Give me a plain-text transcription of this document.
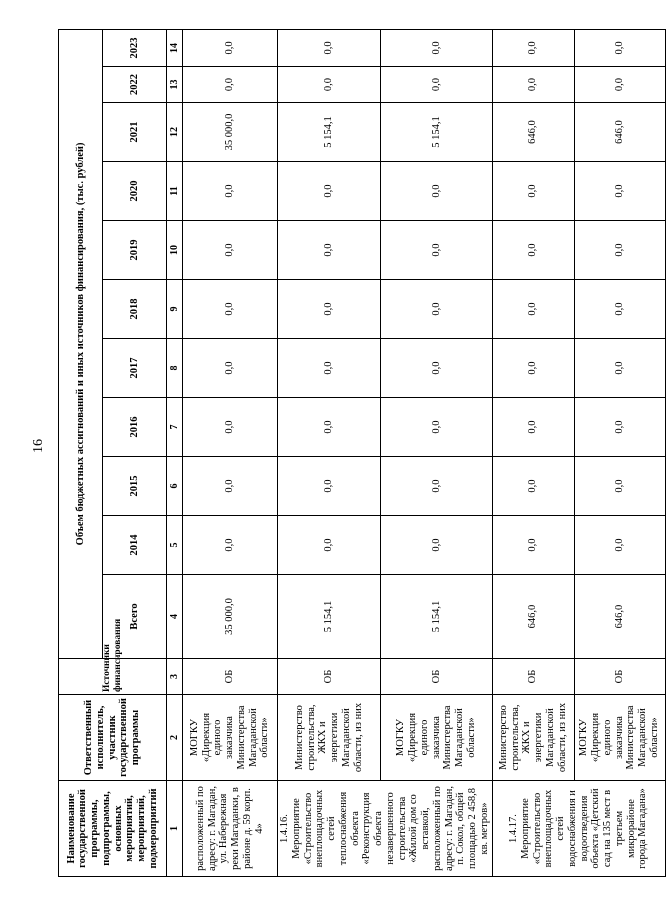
16
Наименование государственной программы, подпрограммы, основных мероприятий, мероприятий, подмероприятий	Ответственный исполнитель, участник государственной программы	Источники финансирования	Объем бюджетных ассигнований и иных источников финансирования, (тыс. рублей)										
			Всего	2014	2015	2016	2017	2018	2019	2020	2021	2022	2023
1	2	3	4	5	6	7	8	9	10	11	12	13	14
расположенный по адресу: г. Магадан, ул. Набережная реки Магаданки, в районе д. 59 корп. 4»	МОГКУ «Дирекция единого заказчика Министерства Магаданской области»	ОБ	35 000,0	0,0	0,0	0,0	0,0	0,0	0,0	0,0	35 000,0	0,0	0,0
1.4.16. Мероприятие «Строительство внеплощадочных сетей теплоснабжения объекта «Реконструкция объекта незавершенного строительства «Жилой дом со вставкой, расположенный по адресу: г. Магадан, п. Сокол, общей площадью 2 458,8 кв. метров»	Министерство строительства, ЖКХ и энергетики Магаданской области, из них	ОБ	5 154,1	0,0	0,0	0,0	0,0	0,0	0,0	0,0	5 154,1	0,0	0,0
	МОГКУ «Дирекция единого заказчика Министерства Магаданской области»	ОБ	5 154,1	0,0	0,0	0,0	0,0	0,0	0,0	0,0	5 154,1	0,0	0,0
1.4.17. Мероприятие «Строительство внеплощадочных сетей водоснабжения и водоотведения объекта «Детский сад на 135 мест в третьем микрорайоне города Магадана»	Министерство строительства, ЖКХ и энергетики Магаданской области, из них	ОБ	646,0	0,0	0,0	0,0	0,0	0,0	0,0	0,0	646,0	0,0	0,0
	МОГКУ «Дирекция единого заказчика Министерства Магаданской области»	ОБ	646,0	0,0	0,0	0,0	0,0	0,0	0,0	0,0	646,0	0,0	0,0
